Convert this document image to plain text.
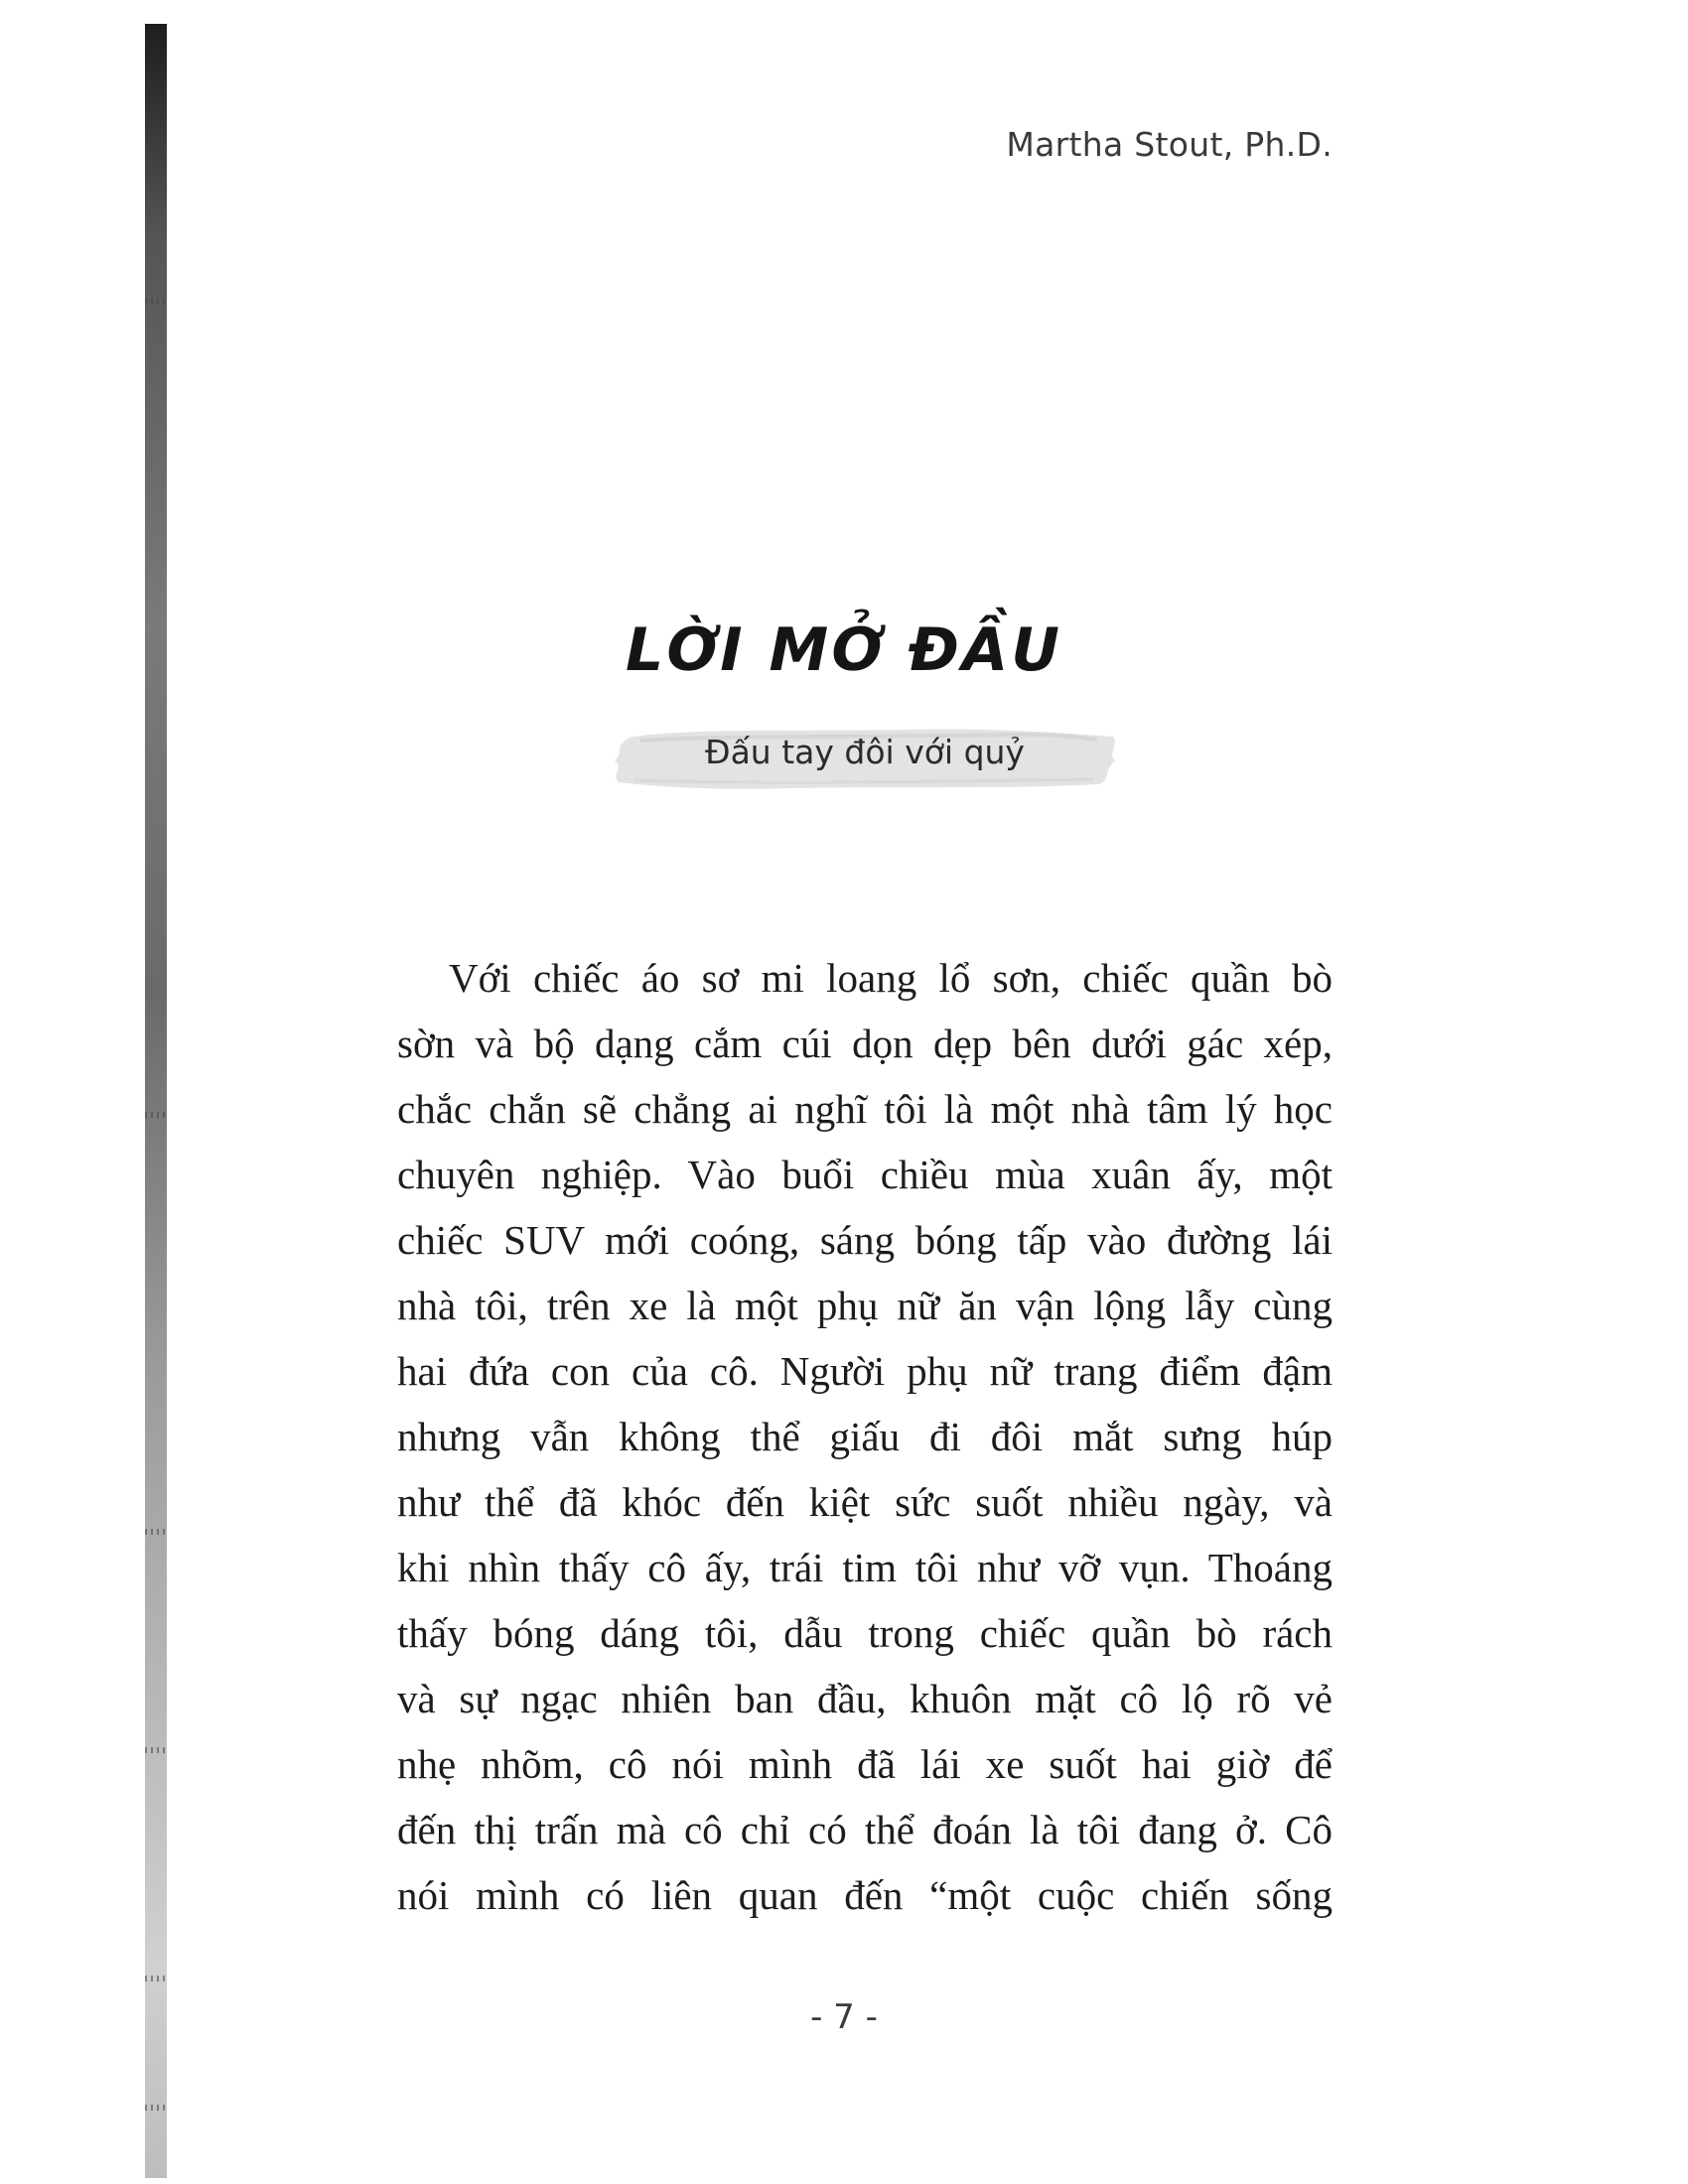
Martha Stout, Ph.D.
LỜI MỞ ĐẦU
Đấu tay đôi với quỷ
Với chiếc áo sơ mi loang lổ sơn, chiếc quần bò
sờn và bộ dạng cắm cúi dọn dẹp bên dưới gác xép,
chắc chắn sẽ chẳng ai nghĩ tôi là một nhà tâm lý học
chuyên nghiệp. Vào buổi chiều mùa xuân ấy, một
chiếc SUV mới coóng, sáng bóng tấp vào đường lái
nhà tôi, trên xe là một phụ nữ ăn vận lộng lẫy cùng
hai đứa con của cô. Người phụ nữ trang điểm đậm
nhưng vẫn không thể giấu đi đôi mắt sưng húp
như thể đã khóc đến kiệt sức suốt nhiều ngày, và
khi nhìn thấy cô ấy, trái tim tôi như vỡ vụn. Thoáng
thấy bóng dáng tôi, dẫu trong chiếc quần bò rách
và sự ngạc nhiên ban đầu, khuôn mặt cô lộ rõ vẻ
nhẹ nhõm, cô nói mình đã lái xe suốt hai giờ để
đến thị trấn mà cô chỉ có thể đoán là tôi đang ở. Cô
nói mình có liên quan đến “một cuộc chiến sống
- 7 -
